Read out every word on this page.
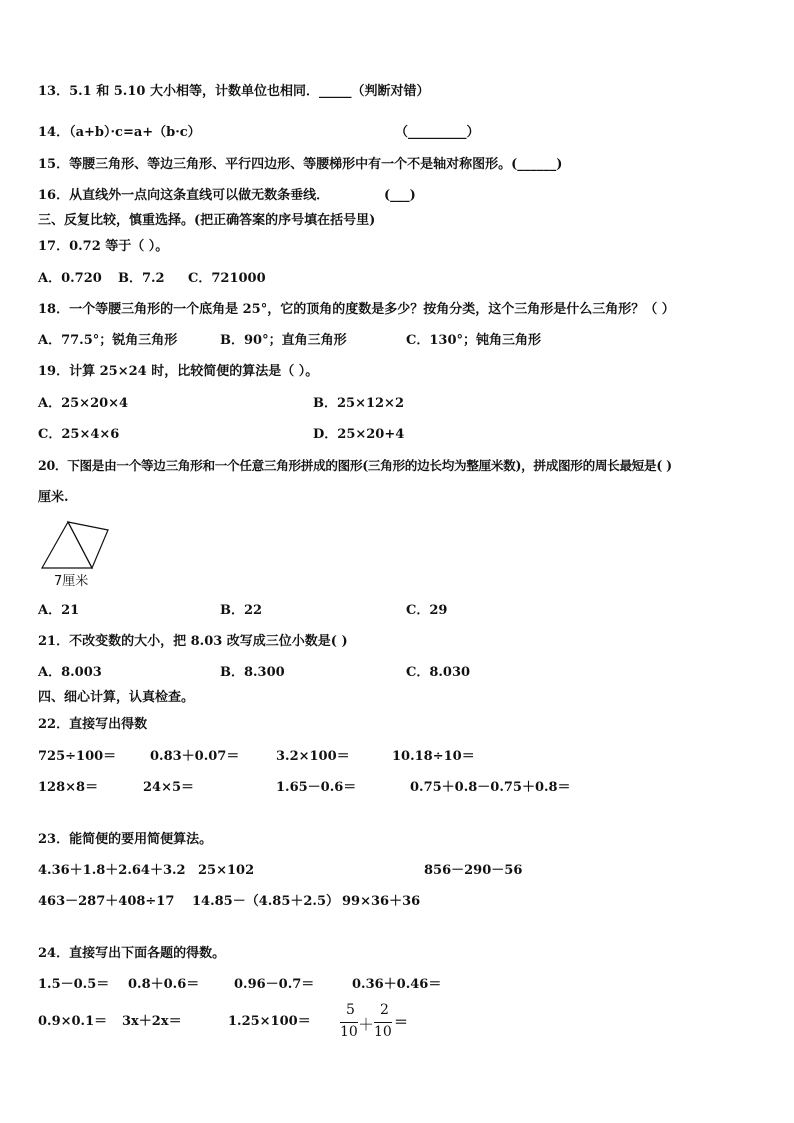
13．5.1 和 5.10 大小相等，计数单位也相同．_____（判断对错）
14．（a+b）·c=a+（b·c）	（_________）
15．等腰三角形、等边三角形、平行四边形、等腰梯形中有一个不是轴对称图形。(______)
16．从直线外一点向这条直线可以做无数条垂线．	(___)
三、反复比较，慎重选择。(把正确答案的序号填在括号里)
17．0.72 等于（ ）。
A．0.720 B．7.2 C．721000
18．一个等腰三角形的一个底角是 25°，它的顶角的度数是多少？按角分类，这个三角形是什么三角形？（ ）
A．77.5°；锐角三角形	B．90°；直角三角形	C．130°；钝角三角形
19．计算 25×24 时，比较简便的算法是（ ）。
A．25×20×4	B．25×12×2
C．25×4×6	D．25×20+4
20．下图是由一个等边三角形和一个任意三角形拼成的图形(三角形的边长均为整厘米数)，拼成图形的周长最短是( )
厘米.
7厘米
A．21	B．22	C．29
21．不改变数的大小，把 8.03 改写成三位小数是( )
A．8.003	B．8.300	C．8.030
四、细心计算，认真检查。
22．直接写出得数
725÷100＝	0.83＋0.07＝	3.2×100＝	10.18÷10＝
128×8＝	24×5＝	1.65－0.6＝	0.75＋0.8－0.75＋0.8＝
23．能简便的要用简便算法。
4.36＋1.8＋2.64＋3.2 25×102	856－290－56
463－287＋408÷17 14.85－（4.85＋2.5） 99×36＋36
24．直接写出下面各题的得数。
1.5－0.5＝ 0.8＋0.6＝	0.96－0.7＝	0.36＋0.46＝
0.9×0.1＝ 3x＋2x＝	1.25×100＝
5
10 ＋
2
10
＝
